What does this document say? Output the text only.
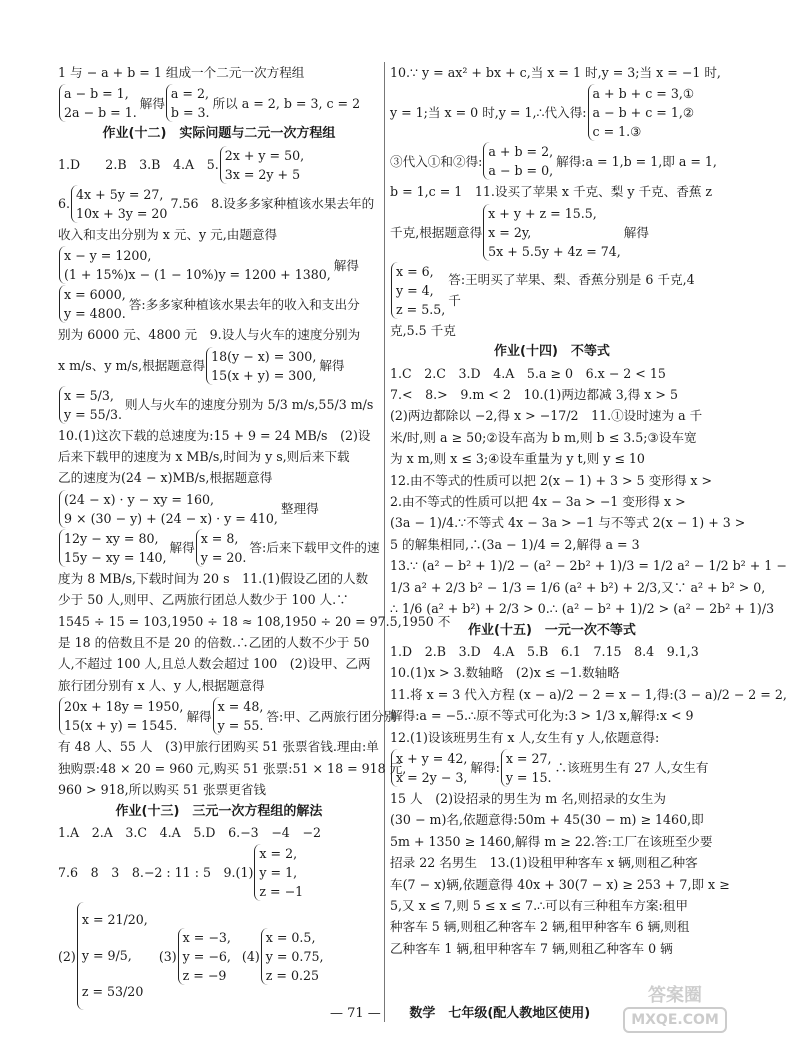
1 与 − a + b = 1 组成一个二元一次方程组
a − b = 1,
2a − b = 1.
解得
a = 2,
b = 3.
所以 a = 2, b = 3, c = 2
作业(十二)　实际问题与二元一次方程组
1.D　　2.B　3.B　4.A　5.
2x + y = 50,
3x = 2y + 5
6.
4x + 5y = 27,
10x + 3y = 20
7.56　8.设多多家种植该水果去年的
收入和支出分别为 x 元、y 元,由题意得
x − y = 1200,
(1 + 15%)x − (1 − 10%)y = 1200 + 1380,
解得
x = 6000,
y = 4800.
答:多多家种植该水果去年的收入和支出分
别为 6000 元、4800 元　9.设人与火车的速度分别为
x m/s、y m/s,根据题意得
18(y − x) = 300,
15(x + y) = 300,
解得
x = 5/3,
y = 55/3.
则人与火车的速度分别为 5/3 m/s,55/3 m/s
10.(1)这次下载的总速度为:15 + 9 = 24 MB/s　(2)设
后来下载甲的速度为 x MB/s,时间为 y s,则后来下载
乙的速度为(24 − x)MB/s,根据题意得
(24 − x) · y − xy = 160,
9 × (30 − y) + (24 − x) · y = 410,
整理得
12y − xy = 80,
15y − xy = 140,
解得
x = 8,
y = 20.
答:后来下载甲文件的速
度为 8 MB/s,下载时间为 20 s　11.(1)假设乙团的人数
少于 50 人,则甲、乙两旅行团总人数少于 100 人.∵
1545 ÷ 15 = 103,1950 ÷ 18 ≈ 108,1950 ÷ 20 = 97.5,1950 不
是 18 的倍数且不是 20 的倍数.∴乙团的人数不少于 50
人,不超过 100 人,且总人数会超过 100　(2)设甲、乙两
旅行团分别有 x 人、y 人,根据题意得
20x + 18y = 1950,
15(x + y) = 1545.
解得
x = 48,
y = 55.
答:甲、乙两旅行团分别
有 48 人、55 人　(3)甲旅行团购买 51 张票省钱.理由:单
独购票:48 × 20 = 960 元,购买 51 张票:51 × 18 = 918 元,
960 > 918,所以购买 51 张票更省钱
作业(十三)　三元一次方程组的解法
1.A　2.A　3.C　4.A　5.D　6.−3　−4　−2
7.6　8　3　8.−2 : 11 : 5　9.(1)
x = 2,
y = 1,
z = −1
(2)
x = 21/20,
y = 9/5,
z = 53/20
(3)
x = −3,
y = −6,
z = −9
(4)
x = 0.5,
y = 0.75,
z = 0.25
10.∵ y = ax² + bx + c,当 x = 1 时,y = 3;当 x = −1 时,
y = 1;当 x = 0 时,y = 1,∴代入得:
a + b + c = 3,①
a − b + c = 1,②
c = 1.③
③代入①和②得:
a + b = 2,
a − b = 0,
解得:a = 1,b = 1,即 a = 1,
b = 1,c = 1　11.设买了苹果 x 千克、梨 y 千克、香蕉 z
千克,根据题意得
x + y + z = 15.5,
x = 2y,
5x + 5.5y + 4z = 74,
解得
x = 6,
y = 4,
z = 5.5,
答:王明买了苹果、梨、香蕉分别是 6 千克,4 千
克,5.5 千克
作业(十四)　不等式
1.C　2.C　3.D　4.A　5.a ≥ 0　6.x − 2 < 15
7.<　8.>　9.m < 2　10.(1)两边都减 3,得 x > 5
(2)两边都除以 −2,得 x > −17/2　11.①设时速为 a 千
米/时,则 a ≥ 50;②设车高为 b m,则 b ≤ 3.5;③设车宽
为 x m,则 x ≤ 3;④设车重量为 y t,则 y ≤ 10
12.由不等式的性质可以把 2(x − 1) + 3 > 5 变形得 x >
2.由不等式的性质可以把 4x − 3a > −1 变形得 x >
(3a − 1)/4.∵不等式 4x − 3a > −1 与不等式 2(x − 1) + 3 >
5 的解集相同,∴(3a − 1)/4 = 2,解得 a = 3
13.∵ (a² − b² + 1)/2 − (a² − 2b² + 1)/3 = 1/2 a² − 1/2 b² + 1 −
1/3 a² + 2/3 b² − 1/3 = 1/6 (a² + b²) + 2/3,又∵ a² + b² > 0,
∴ 1/6 (a² + b²) + 2/3 > 0.∴ (a² − b² + 1)/2 > (a² − 2b² + 1)/3
作业(十五)　一元一次不等式
1.D　2.B　3.D　4.A　5.B　6.1　7.15　8.4　9.1,3
10.(1)x > 3.数轴略　(2)x ≤ −1.数轴略
11.将 x = 3 代入方程 (x − a)/2 − 2 = x − 1,得:(3 − a)/2 − 2 = 2,
解得:a = −5.∴原不等式可化为:3 > 1/3 x,解得:x < 9
12.(1)设该班男生有 x 人,女生有 y 人,依题意得:
x + y = 42,
x = 2y − 3,
解得:
x = 27,
y = 15.
∴该班男生有 27 人,女生有
15 人　(2)设招录的男生为 m 名,则招录的女生为
(30 − m)名,依题意得:50m + 45(30 − m) ≥ 1460,即
5m + 1350 ≥ 1460,解得 m ≥ 22.答:工厂在该班至少要
招录 22 名男生　13.(1)设租甲种客车 x 辆,则租乙种客
车(7 − x)辆,依题意得 40x + 30(7 − x) ≥ 253 + 7,即 x ≥
5,又 x ≤ 7,则 5 ≤ x ≤ 7.∴可以有三种租车方案:租甲
种客车 5 辆,则租乙种客车 2 辆,租甲种客车 6 辆,则租
乙种客车 1 辆,租甲种客车 7 辆,则租乙种客车 0 辆
— 71 — 数学　七年级(配人教地区使用)
答案圈
MXQE.COM
